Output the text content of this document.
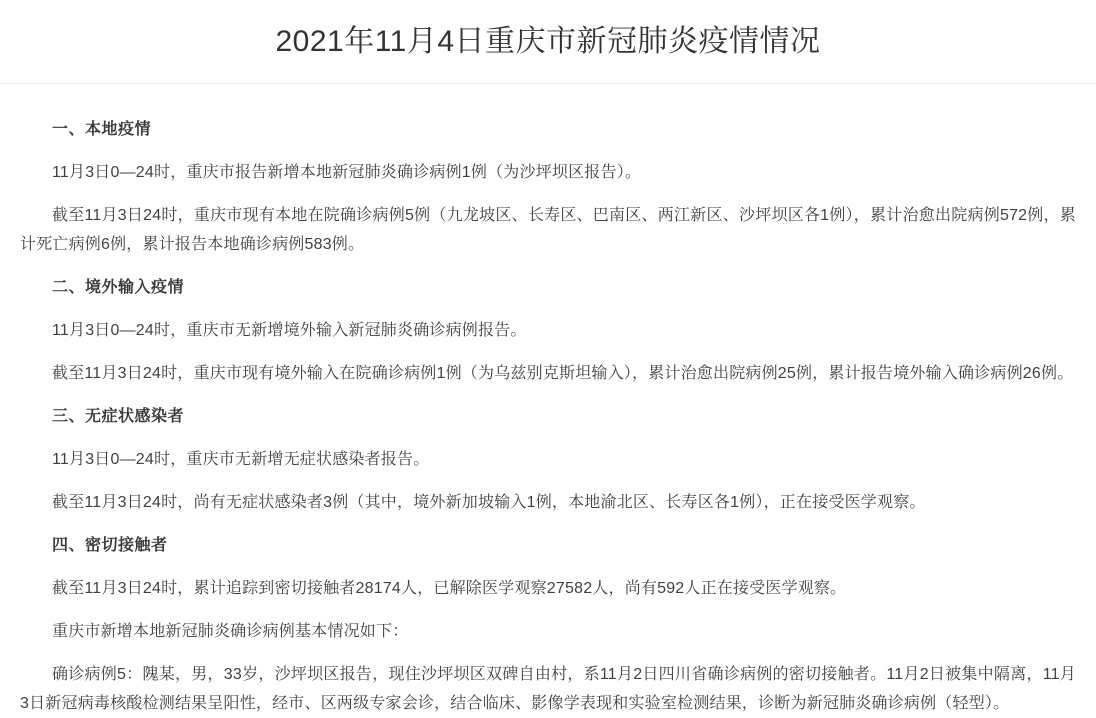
2021年11月4日重庆市新冠肺炎疫情情况
一、本地疫情

11月3日0—24时，重庆市报告新增本地新冠肺炎确诊病例1例（为沙坪坝区报告）。

截至11月3日24时，重庆市现有本地在院确诊病例5例（九龙坡区、长寿区、巴南区、两江新区、沙坪坝区各1例），累计治愈出院病例572例，累计死亡病例6例，累计报告本地确诊病例583例。

二、境外输入疫情

11月3日0—24时，重庆市无新增境外输入新冠肺炎确诊病例报告。

截至11月3日24时，重庆市现有境外输入在院确诊病例1例（为乌兹别克斯坦输入），累计治愈出院病例25例，累计报告境外输入确诊病例26例。

三、无症状感染者

11月3日0—24时，重庆市无新增无症状感染者报告。

截至11月3日24时，尚有无症状感染者3例（其中，境外新加坡输入1例，本地渝北区、长寿区各1例），正在接受医学观察。

四、密切接触者

截至11月3日24时，累计追踪到密切接触者28174人，已解除医学观察27582人，尚有592人正在接受医学观察。

重庆市新增本地新冠肺炎确诊病例基本情况如下：

确诊病例5：隗某，男，33岁，沙坪坝区报告，现住沙坪坝区双碑自由村，系11月2日四川省确诊病例的密切接触者。11月2日被集中隔离，11月3日新冠病毒核酸检测结果呈阳性，经市、区两级专家会诊，结合临床、影像学表现和实验室检测结果，诊断为新冠肺炎确诊病例（轻型）。
